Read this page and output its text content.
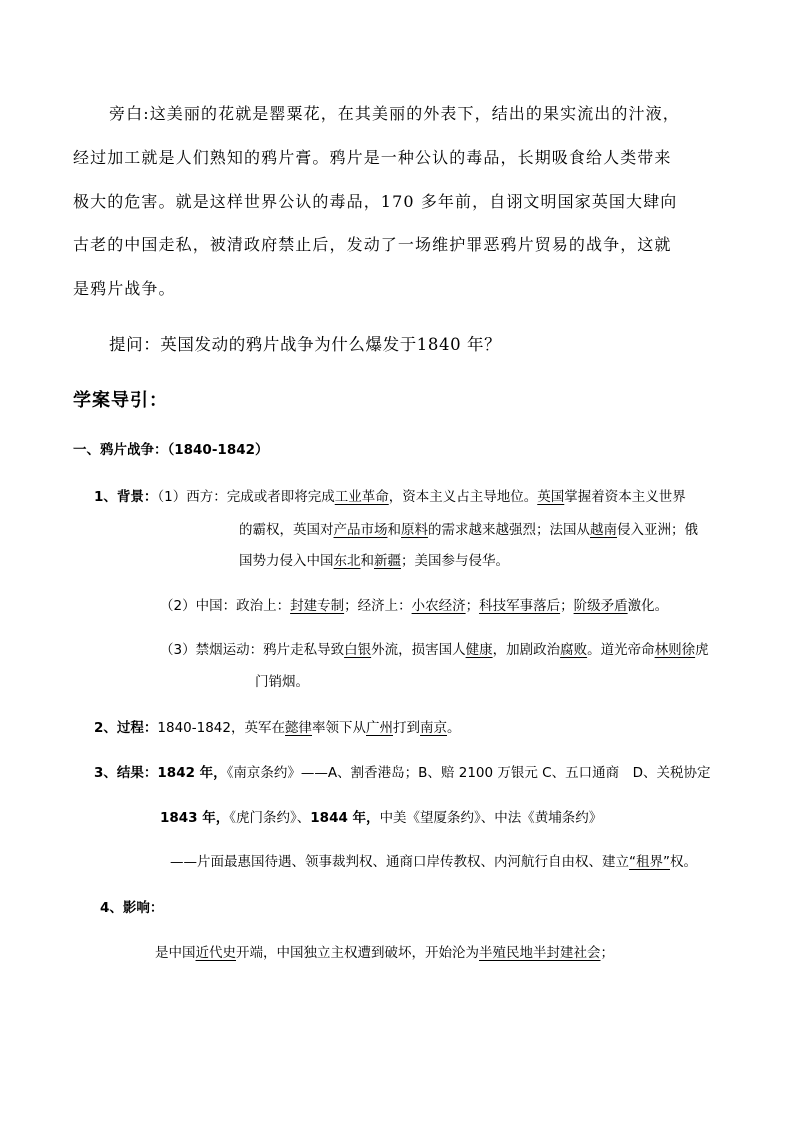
旁白:这美丽的花就是罂粟花，在其美丽的外表下，结出的果实流出的汁液，

经过加工就是人们熟知的鸦片膏。鸦片是一种公认的毒品，长期吸食给人类带来

极大的危害。就是这样世界公认的毒品，170 多年前，自诩文明国家英国大肆向

古老的中国走私，被清政府禁止后，发动了一场维护罪恶鸦片贸易的战争，这就

是鸦片战争。

提问：英国发动的鸦片战争为什么爆发于1840 年？

学案导引：

一、鸦片战争：（1840-1842）

1、背景：（1）西方：完成或者即将完成工业革命，资本主义占主导地位。英国掌握着资本主义世界

的霸权，英国对产品市场和原料的需求越来越强烈；法国从越南侵入亚洲；俄

国势力侵入中国东北和新疆；美国参与侵华。

（2）中国：政治上：封建专制；经济上：小农经济；科技军事落后；阶级矛盾激化。

（3）禁烟运动：鸦片走私导致白银外流，损害国人健康，加剧政治腐败。道光帝命林则徐虎

门销烟。

2、过程：1840-1842，英军在懿律率领下从广州打到南京。

3、结果：1842 年，《南京条约》——A、割香港岛；B、赔 2100 万银元 C、五口通商　D、关税协定

1843 年，《虎门条约》、1844 年，中美《望厦条约》、中法《黄埔条约》

——片面最惠国待遇、领事裁判权、通商口岸传教权、内河航行自由权、建立“租界”权。

4、影响：

是中国近代史开端，中国独立主权遭到破坏，开始沦为半殖民地半封建社会；
